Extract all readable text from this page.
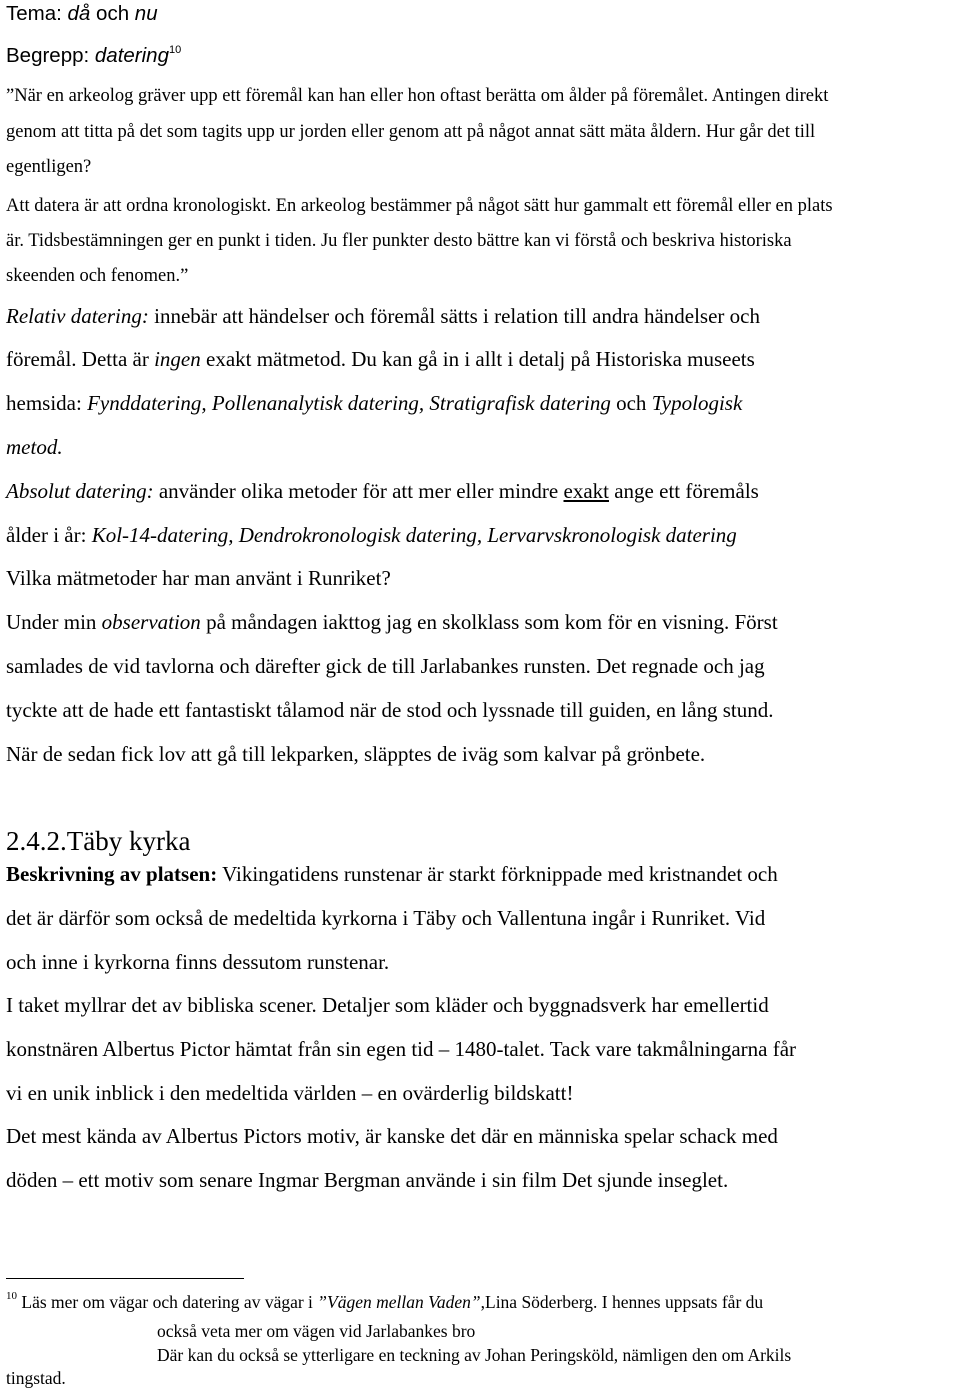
Tema: då och nu
Begrepp: datering$^{10}$
”När en arkeolog gräver upp ett föremål kan han eller hon oftast berätta om ålder på föremålet. Antingen direkt
genom att titta på det som tagits upp ur jorden eller genom att på något annat sätt mäta åldern. Hur går det till
egentligen?
Att datera är att ordna kronologiskt. En arkeolog bestämmer på något sätt hur gammalt ett föremål eller en plats
är. Tidsbestämningen ger en punkt i tiden. Ju fler punkter desto bättre kan vi förstå och beskriva historiska
skeenden och fenomen.”
Relativ datering: innebär att händelser och föremål sätts i relation till andra händelser och
föremål. Detta är ingen exakt mätmetod. Du kan gå in i allt i detalj på Historiska museets
hemsida: Fynddatering, Pollenanalytisk datering, Stratigrafisk datering och Typologisk
metod.
Absolut datering: använder olika metoder för att mer eller mindre exakt ange ett föremåls
ålder i år: Kol-14-datering, Dendrokronologisk datering, Lervarvskronologisk datering
Vilka mätmetoder har man använt i Runriket?
Under min observation på måndagen iakttog jag en skolklass som kom för en visning. Först
samlades de vid tavlorna och därefter gick de till Jarlabankes runsten. Det regnade och jag
tyckte att de hade ett fantastiskt tålamod när de stod och lyssnade till guiden, en lång stund.
När de sedan fick lov att gå till lekparken, släpptes de iväg som kalvar på grönbete.
2.4.2.Täby kyrka
Beskrivning av platsen: Vikingatidens runstenar är starkt förknippade med kristnandet och
det är därför som också de medeltida kyrkorna i Täby och Vallentuna ingår i Runriket. Vid
och inne i kyrkorna finns dessutom runstenar.
I taket myllrar det av bibliska scener. Detaljer som kläder och byggnadsverk har emellertid
konstnären Albertus Pictor hämtat från sin egen tid – 1480-talet. Tack vare takmålningarna får
vi en unik inblick i den medeltida världen – en ovärderlig bildskatt!
Det mest kända av Albertus Pictors motiv, är kanske det där en människa spelar schack med
döden – ett motiv som senare Ingmar Bergman använde i sin film Det sjunde inseglet.
$^{10}$ Läs mer om vägar och datering av vägar i ”Vägen mellan Vaden”,Lina Söderberg. I hennes uppsats får du
också veta mer om vägen vid Jarlabankes bro
Där kan du också se ytterligare en teckning av Johan Peringsköld, nämligen den om Arkils
tingstad.
